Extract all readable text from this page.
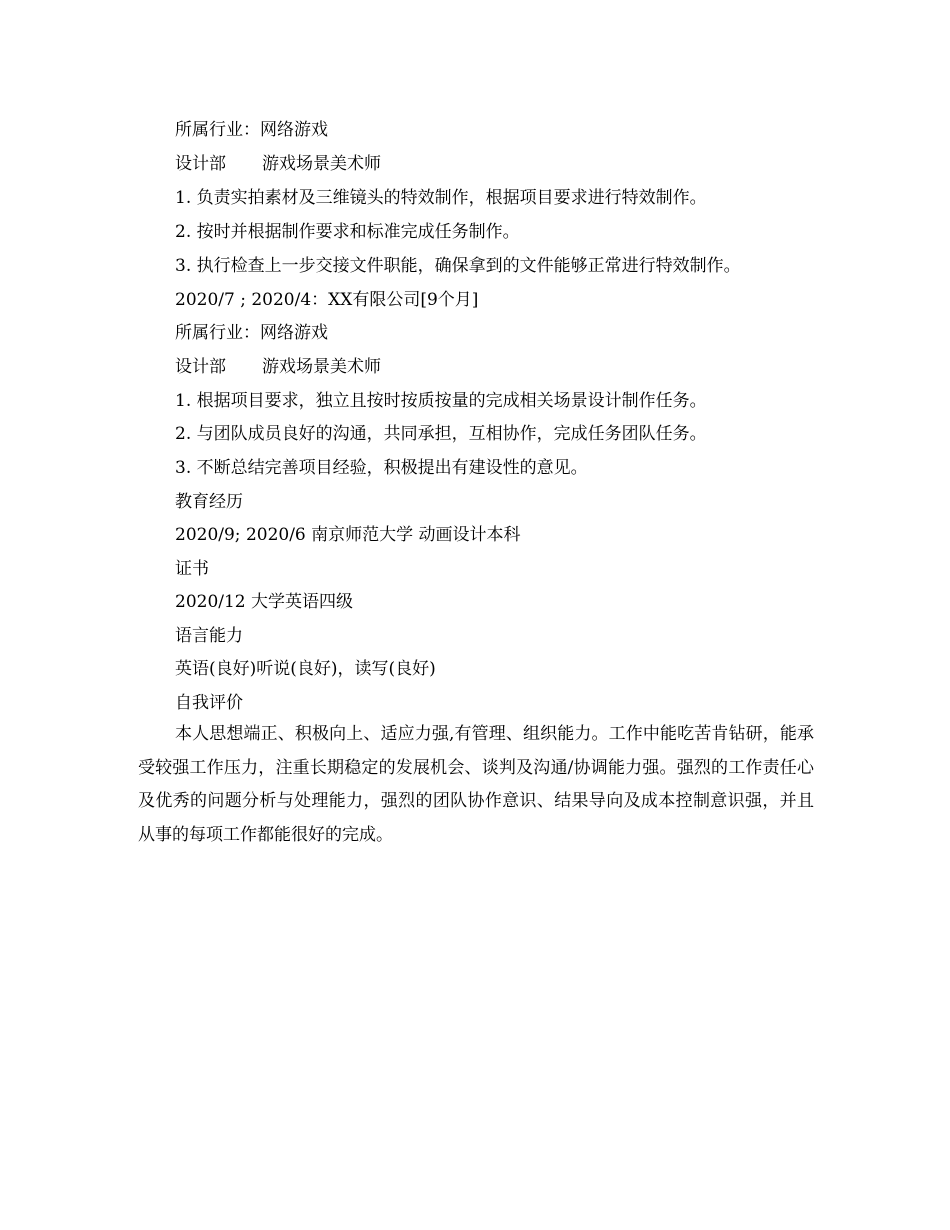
所属行业：网络游戏
设计部 游戏场景美术师
1. 负责实拍素材及三维镜头的特效制作，根据项目要求进行特效制作。
2. 按时并根据制作要求和标准完成任务制作。
3. 执行检查上一步交接文件职能，确保拿到的文件能够正常进行特效制作。
2020/7 ; 2020/4：XX有限公司[9个月]
所属行业：网络游戏
设计部 游戏场景美术师
1. 根据项目要求，独立且按时按质按量的完成相关场景设计制作任务。
2. 与团队成员良好的沟通，共同承担，互相协作，完成任务团队任务。
3. 不断总结完善项目经验，积极提出有建设性的意见。
教育经历
2020/9; 2020/6 南京师范大学 动画设计本科
证书
2020/12 大学英语四级
语言能力
英语(良好)听说(良好)，读写(良好)
自我评价
本人思想端正、积极向上、适应力强,有管理、组织能力。工作中能吃苦肯钻研，能承受较强工作压力，注重长期稳定的发展机会、谈判及沟通/协调能力强。强烈的工作责任心及优秀的问题分析与处理能力，强烈的团队协作意识、结果导向及成本控制意识强，并且从事的每项工作都能很好的完成。
